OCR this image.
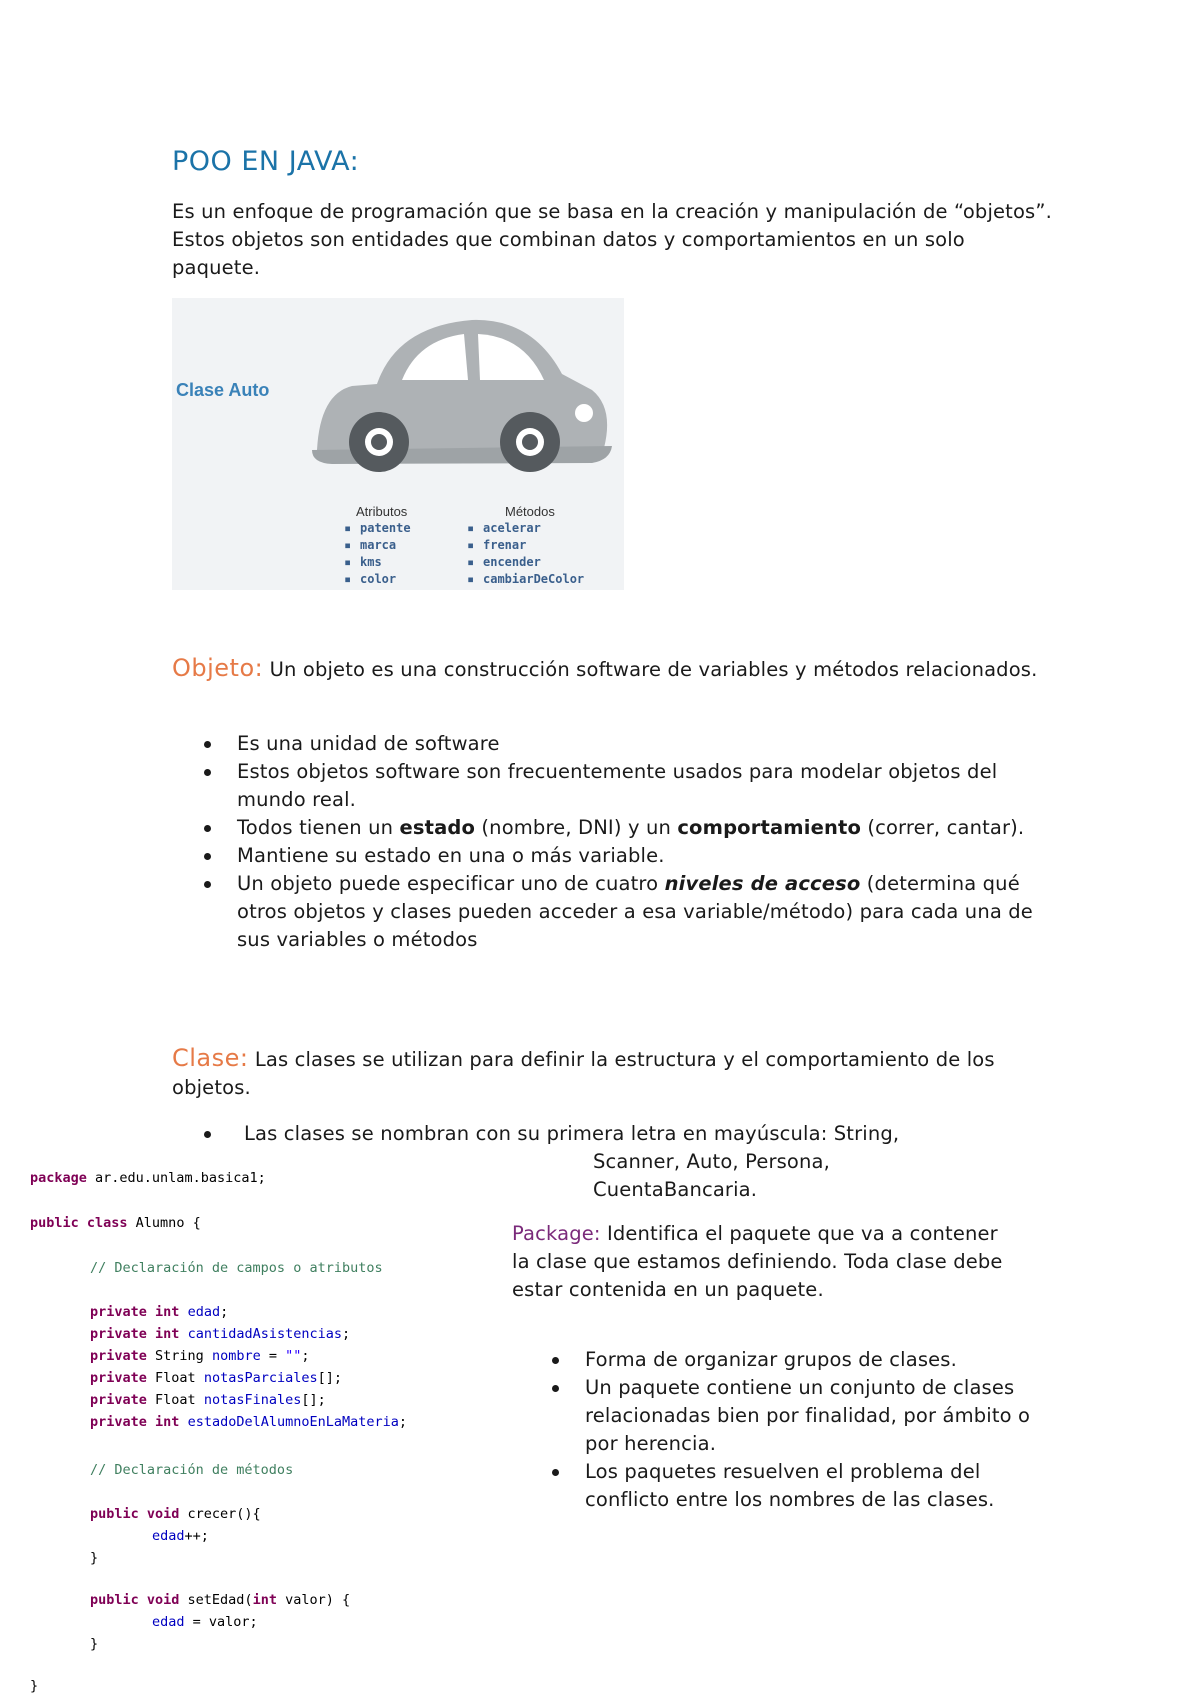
POO EN JAVA:
Es un enfoque de programación que se basa en la creación y manipulación de “objetos”. Estos objetos son entidades que combinan datos y comportamientos en un solo paquete.
Clase Auto
Atributos	Métodos
▪ patente
▪ marca
▪ kms
▪ color
▪ acelerar
▪ frenar
▪ encender
▪ cambiarDeColor
Objeto: Un objeto es una construcción software de variables y métodos relacionados.
Es una unidad de software
Estos objetos software son frecuentemente usados para modelar objetos del mundo real.
Todos tienen un estado (nombre, DNI) y un comportamiento (correr, cantar).
Mantiene su estado en una o más variable.
Un objeto puede especificar uno de cuatro niveles de acceso (determina qué otros objetos y clases pueden acceder a esa variable/método) para cada una de sus variables o métodos
Clase: Las clases se utilizan para definir la estructura y el comportamiento de los objetos.
Las clases se nombran con su primera letra en mayúscula: String,
Scanner, Auto, Persona,
CuentaBancaria.
Package: Identifica el paquete que va a contener la clase que estamos definiendo. Toda clase debe estar contenida en un paquete.
Forma de organizar grupos de clases.
Un paquete contiene un conjunto de clases relacionadas bien por finalidad, por ámbito o por herencia.
Los paquetes resuelven el problema del conflicto entre los nombres de las clases.
package ar.edu.unlam.basica1;
public class Alumno {
// Declaración de campos o atributos
private int edad;
private int cantidadAsistencias;
private String nombre = "";
private Float notasParciales[];
private Float notasFinales[];
private int estadoDelAlumnoEnLaMateria;
// Declaración de métodos
public void crecer(){
edad++;
}
public void setEdad(int valor) {
edad = valor;
}
}
